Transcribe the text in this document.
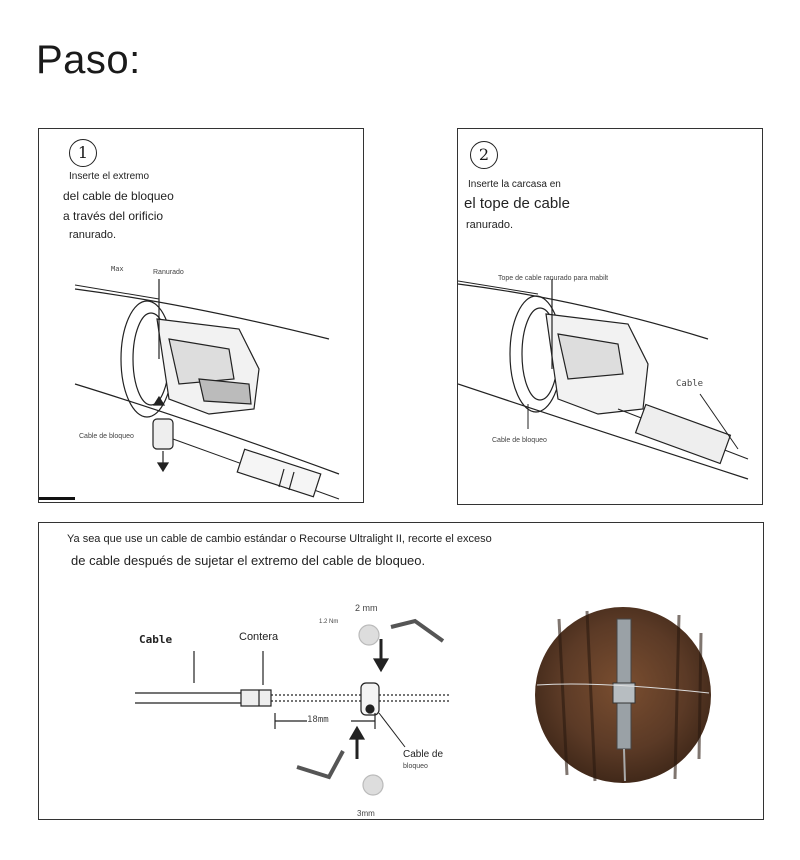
Paso:
1
Inserte el extremo
del cable de bloqueo
a través del orificio
ranurado.
Max	Ranurado
Cable de bloqueo
2
Inserte la carcasa en
el tope de cable
ranurado.
Tope de cable ranurado para mabilt
Cable
Cable de bloqueo
Ya sea que use un cable de cambio estándar o Recourse Ultralight II, recorte el exceso
de cable después de sujetar el extremo del cable de bloqueo.
Cable	Contera
2 mm
1.2 Nm
18mm
Cable de
bloqueo
3mm
